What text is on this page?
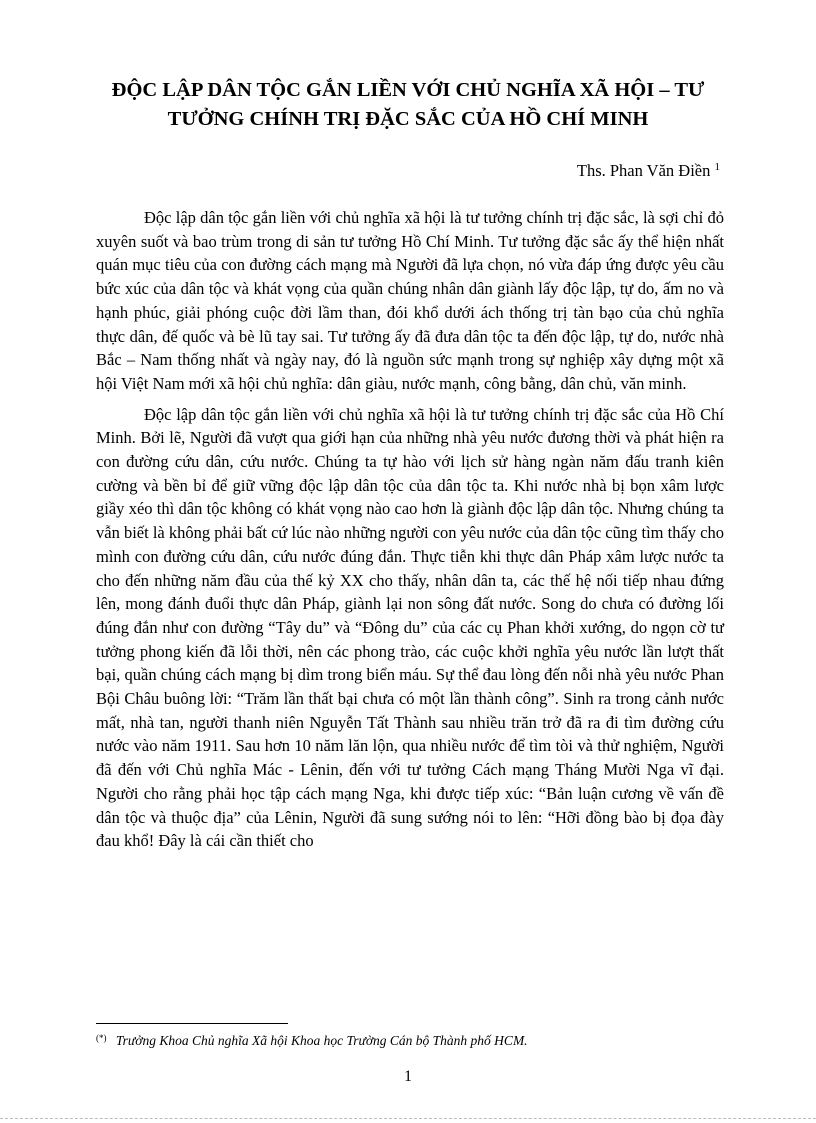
ĐỘC LẬP DÂN TỘC GẮN LIỀN VỚI CHỦ NGHĨA XÃ HỘI – TƯ
TƯỞNG CHÍNH TRỊ ĐẶC SẮC CỦA HỒ CHÍ MINH
Ths. Phan Văn Điền $^1$

Độc lập dân tộc gắn liền với chủ nghĩa xã hội là tư tưởng chính trị đặc sắc, là sợi chỉ đỏ xuyên suốt và bao trùm trong di sản tư tưởng Hồ Chí Minh. Tư tưởng đặc sắc ấy thể hiện nhất quán mục tiêu của con đường cách mạng mà Người đã lựa chọn, nó vừa đáp ứng được yêu cầu bức xúc của dân tộc và khát vọng của quần chúng nhân dân giành lấy độc lập, tự do, ấm no và hạnh phúc, giải phóng cuộc đời lầm than, đói khổ dưới ách thống trị tàn bạo của chủ nghĩa thực dân, đế quốc và bè lũ tay sai. Tư tưởng ấy đã đưa dân tộc ta đến độc lập, tự do, nước nhà Bắc – Nam thống nhất và ngày nay, đó là nguồn sức mạnh trong sự nghiệp xây dựng một xã hội Việt Nam mới xã hội chủ nghĩa: dân giàu, nước mạnh, công bằng, dân chủ, văn minh.

Độc lập dân tộc gắn liền với chủ nghĩa xã hội là tư tưởng chính trị đặc sắc của Hồ Chí Minh. Bởi lẽ, Người đã vượt qua giới hạn của những nhà yêu nước đương thời và phát hiện ra con đường cứu dân, cứu nước. Chúng ta tự hào với lịch sử hàng ngàn năm đấu tranh kiên cường và bền bỉ để giữ vững độc lập dân tộc của dân tộc ta. Khi nước nhà bị bọn xâm lược giầy xéo thì dân tộc không có khát vọng nào cao hơn là giành độc lập dân tộc. Nhưng chúng ta vẫn biết là không phải bất cứ lúc nào những người con yêu nước của dân tộc cũng tìm thấy cho mình con đường cứu dân, cứu nước đúng đắn. Thực tiễn khi thực dân Pháp xâm lược nước ta cho đến những năm đầu của thế kỷ XX cho thấy, nhân dân ta, các thế hệ nối tiếp nhau đứng lên, mong đánh đuổi thực dân Pháp, giành lại non sông đất nước. Song do chưa có đường lối đúng đắn như con đường “Tây du” và “Đông du” của các cụ Phan khởi xướng, do ngọn cờ tư tưởng phong kiến đã lỗi thời, nên các phong trào, các cuộc khởi nghĩa yêu nước lần lượt thất bại, quần chúng cách mạng bị dìm trong biển máu. Sự thể đau lòng đến nỗi nhà yêu nước Phan Bội Châu buông lời: “Trăm lần thất bại chưa có một lần thành công”. Sinh ra trong cảnh nước mất, nhà tan, người thanh niên Nguyễn Tất Thành sau nhiều trăn trở đã ra đi tìm đường cứu nước vào năm 1911. Sau hơn 10 năm lăn lộn, qua nhiều nước để tìm tòi và thử nghiệm, Người đã đến với Chủ nghĩa Mác - Lênin, đến với tư tưởng Cách mạng Tháng Mười Nga vĩ đại. Người cho rằng phải học tập cách mạng Nga, khi được tiếp xúc: “Bản luận cương về vấn đề dân tộc và thuộc địa” của Lênin, Người đã sung sướng nói to lên: “Hỡi đồng bào bị đọa đày đau khổ! Đây là cái cần thiết cho

(*) Trưởng Khoa Chủ nghĩa Xã hội Khoa học Trường Cán bộ Thành phố HCM.
1
